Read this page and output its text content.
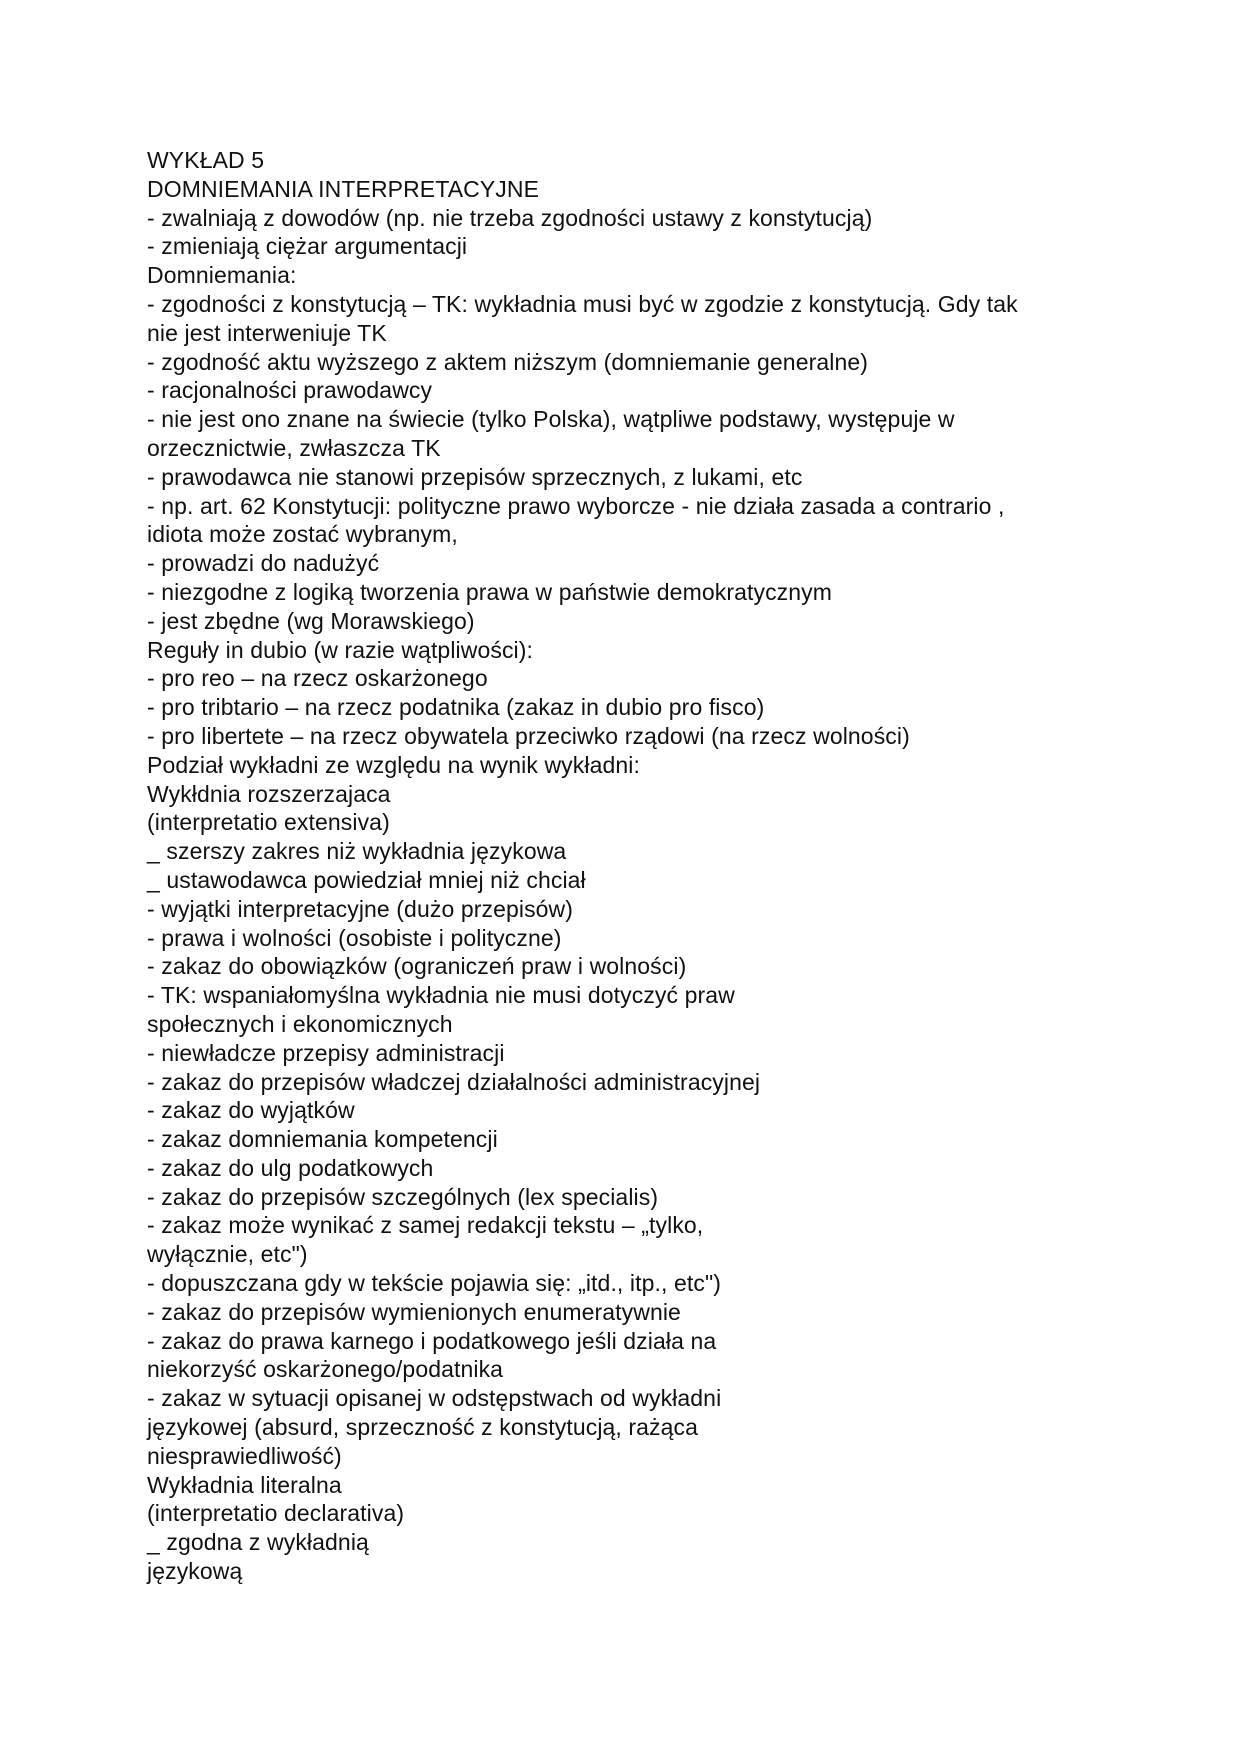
WYKŁAD 5

DOMNIEMANIA INTERPRETACYJNE

- zwalniają z dowodów (np. nie trzeba zgodności ustawy z konstytucją)

- zmieniają ciężar argumentacji

Domniemania:

- zgodności z konstytucją – TK: wykładnia musi być w zgodzie z konstytucją. Gdy tak

nie jest interweniuje TK

- zgodność aktu wyższego z aktem niższym (domniemanie generalne)

- racjonalności prawodawcy

- nie jest ono znane na świecie (tylko Polska), wątpliwe podstawy, występuje w

orzecznictwie, zwłaszcza TK

- prawodawca nie stanowi przepisów sprzecznych, z lukami, etc

- np. art. 62 Konstytucji: polityczne prawo wyborcze - nie działa zasada a contrario ,

idiota może zostać wybranym,

- prowadzi do nadużyć

- niezgodne z logiką tworzenia prawa w państwie demokratycznym

- jest zbędne (wg Morawskiego)

Reguły in dubio (w razie wątpliwości):

- pro reo – na rzecz oskarżonego

- pro tribtario – na rzecz podatnika (zakaz in dubio pro fisco)

- pro libertete – na rzecz obywatela przeciwko rządowi (na rzecz wolności)

Podział wykładni ze względu na wynik wykładni:

Wykłdnia rozszerzajaca

(interpretatio extensiva)

_ szerszy zakres niż wykładnia językowa

_ ustawodawca powiedział mniej niż chciał

- wyjątki interpretacyjne (dużo przepisów)

- prawa i wolności (osobiste i polityczne)

- zakaz do obowiązków (ograniczeń praw i wolności)

- TK: wspaniałomyślna wykładnia nie musi dotyczyć praw

społecznych i ekonomicznych

- niewładcze przepisy administracji

- zakaz do przepisów władczej działalności administracyjnej

- zakaz do wyjątków

- zakaz domniemania kompetencji

- zakaz do ulg podatkowych

- zakaz do przepisów szczególnych (lex specialis)

- zakaz może wynikać z samej redakcji tekstu – „tylko,

wyłącznie, etc")

- dopuszczana gdy w tekście pojawia się: „itd., itp., etc")

- zakaz do przepisów wymienionych enumeratywnie

- zakaz do prawa karnego i podatkowego jeśli działa na

niekorzyść oskarżonego/podatnika

- zakaz w sytuacji opisanej w odstępstwach od wykładni

językowej (absurd, sprzeczność z konstytucją, rażąca

niesprawiedliwość)

Wykładnia literalna

(interpretatio declarativa)

_ zgodna z wykładnią

językową
